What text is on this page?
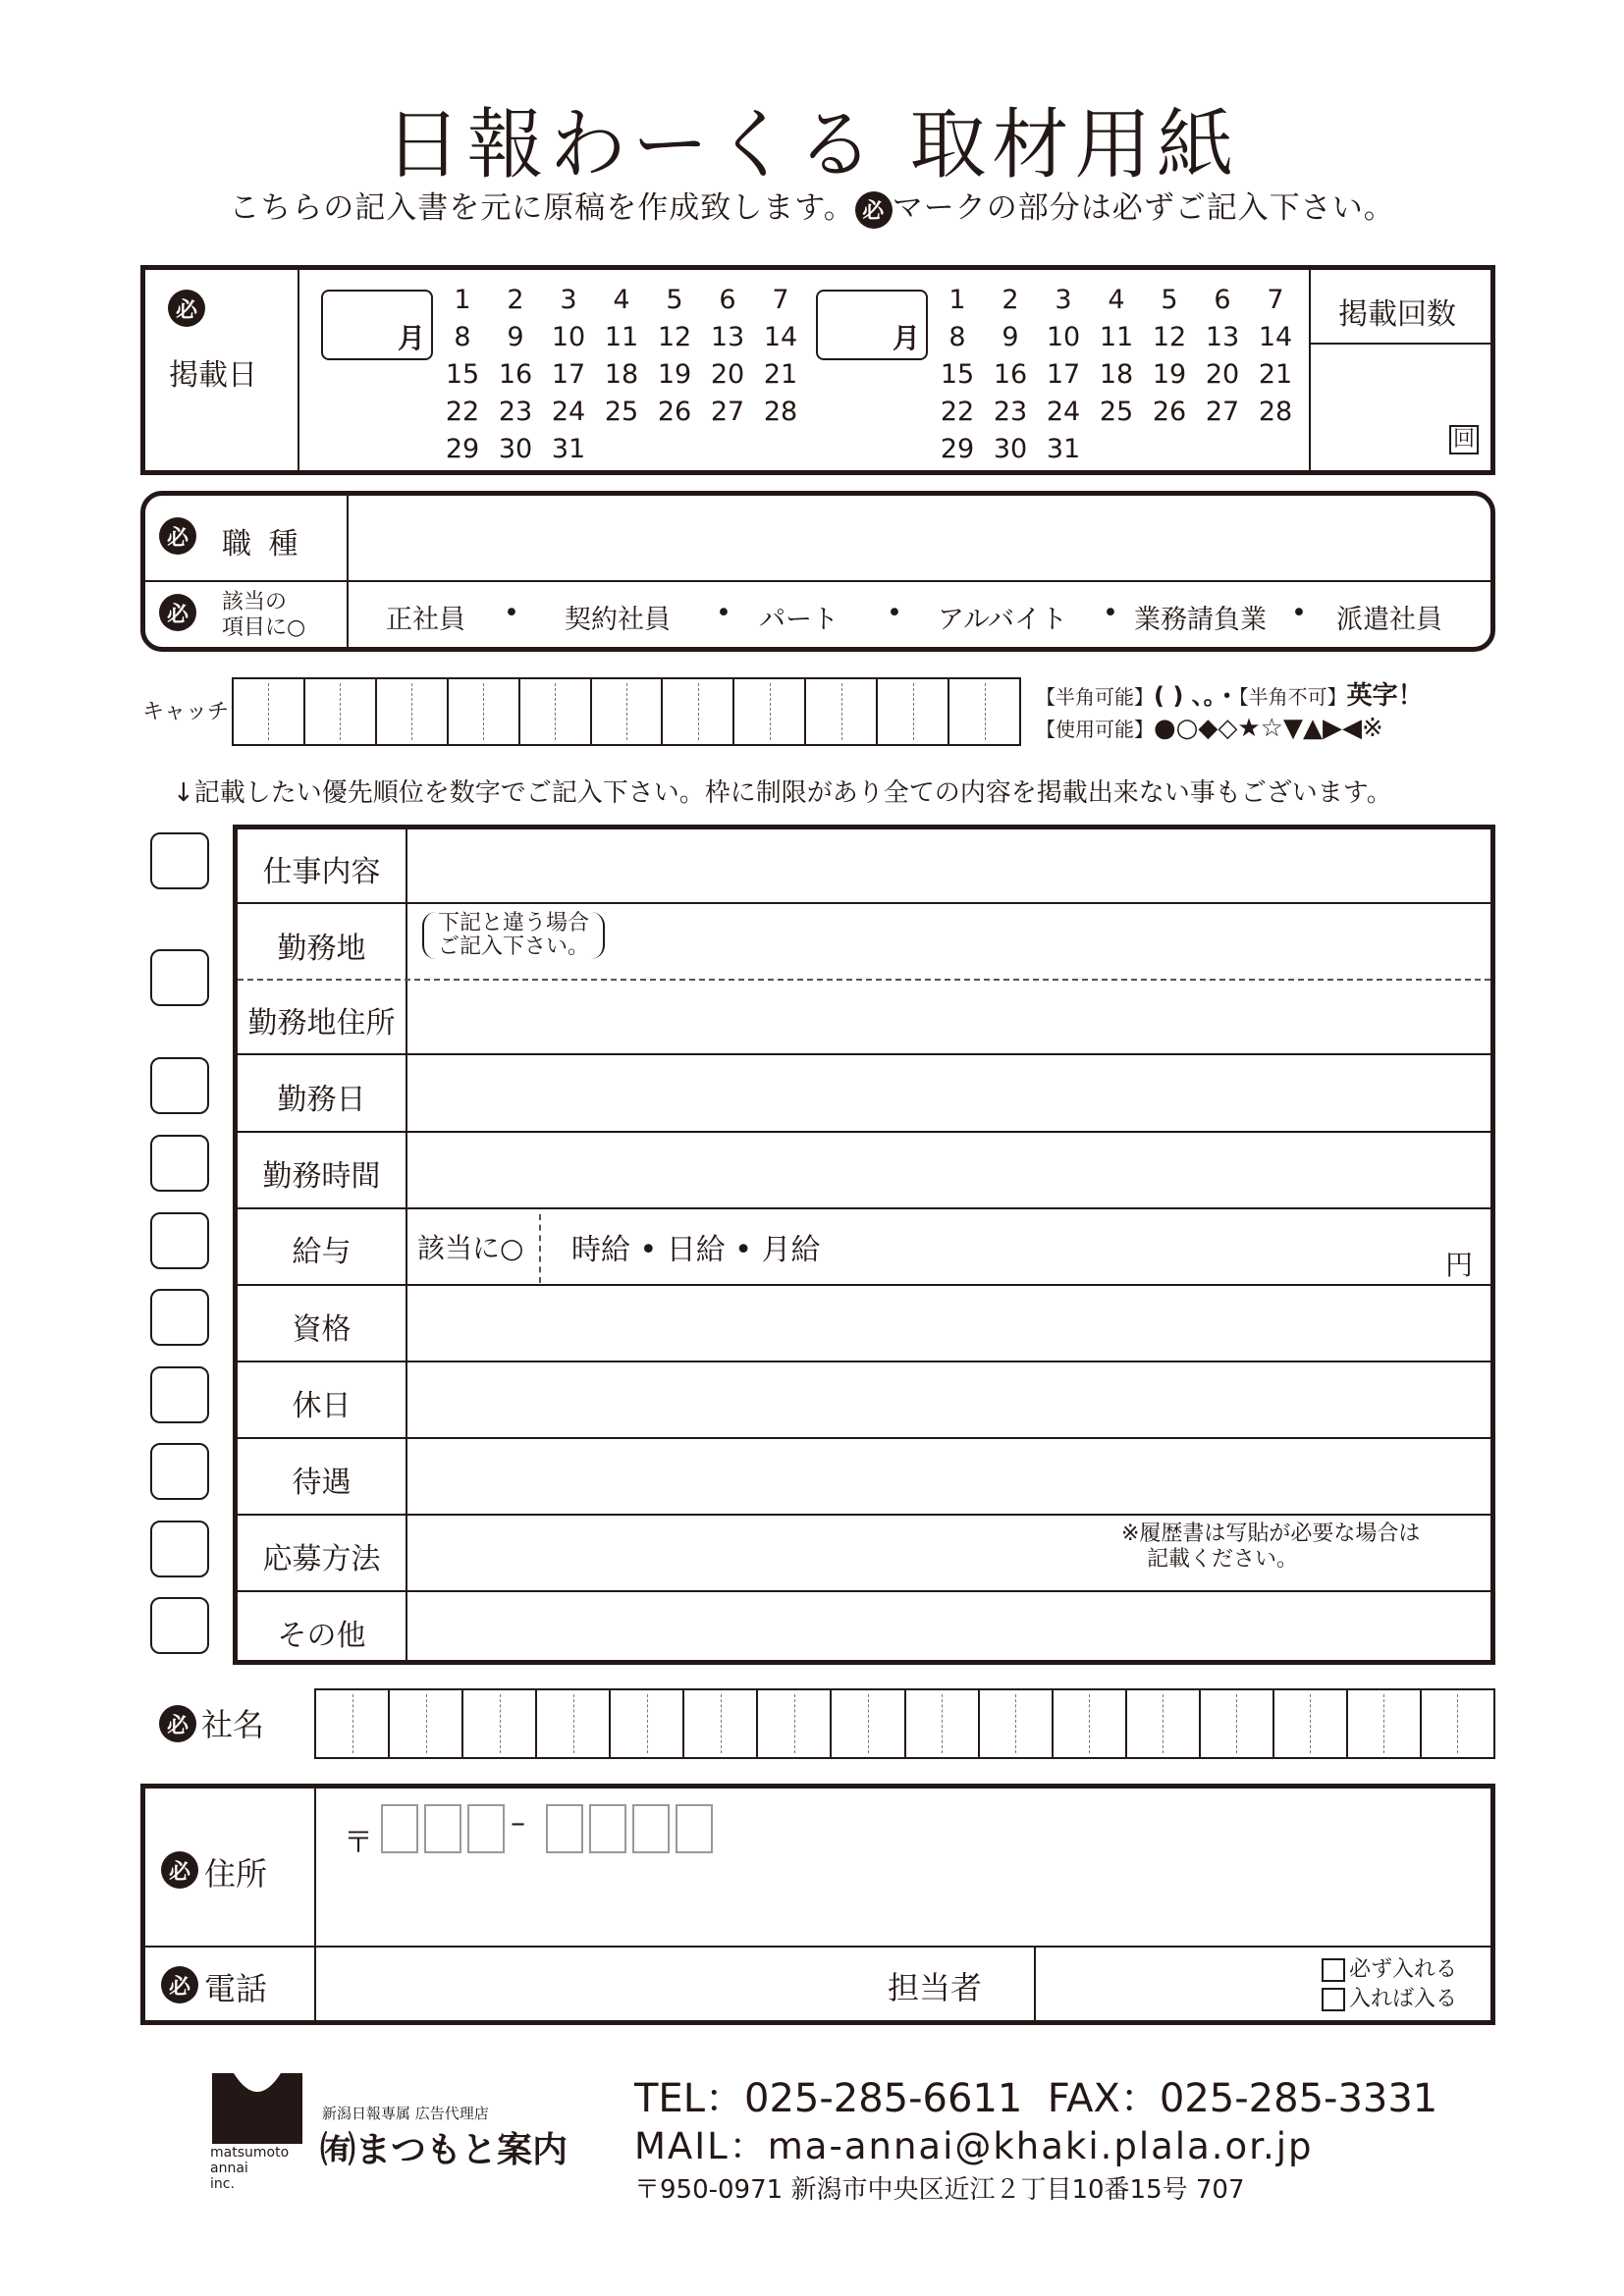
日報わーくる 取材用紙
こちらの記入書を元に原稿を作成致します。 必 マークの部分は必ずご記入下さい。
必
掲載日
月
1	2	3	4	5	6	7
8	9	10 11 12 13 14
15 16 17 18 19 20 21
22 23 24 25 26 27 28
29 30 31
月
1	2	3	4	5	6	7
8	9	10 11 12 13 14
15 16 17 18 19 20 21
22 23 24 25 26 27 28
29 30 31
掲載回数
回
必 職 種
必	該当の
項目に○	正社員	•	契約社員	•	パート	•	アルバイト	• 業務請負業 •	派遣社員
キャッチ
【半角可能】( ) 、。・【半角不可】英字！
【使用可能】●○◆◇★☆▼▲▶◀※
↓記載したい優先順位を数字でご記入下さい。枠に制限があり全ての内容を掲載出来ない事もございます。
仕事内容
勤務地
下記と違う場合
ご記入下さい。
勤務地住所
勤務日
勤務時間
給与	該当に○ 時給 • 日給 • 月給	円
資格
休日
待遇
応募方法
※履歴書は写貼が必要な場合は
記載ください。
その他
必 社名
必 住所
〒
–
必 電話	担当者	必ず入れる
入れば入る
matsumoto
annai
inc.
新潟日報専属 広告代理店
㈲まつもと案内
TEL：025-285-6611 FAX：025-285-3331
MAIL：ma-annai@khaki.plala.or.jp
〒950-0971 新潟市中央区近江２丁目10番15号 707
